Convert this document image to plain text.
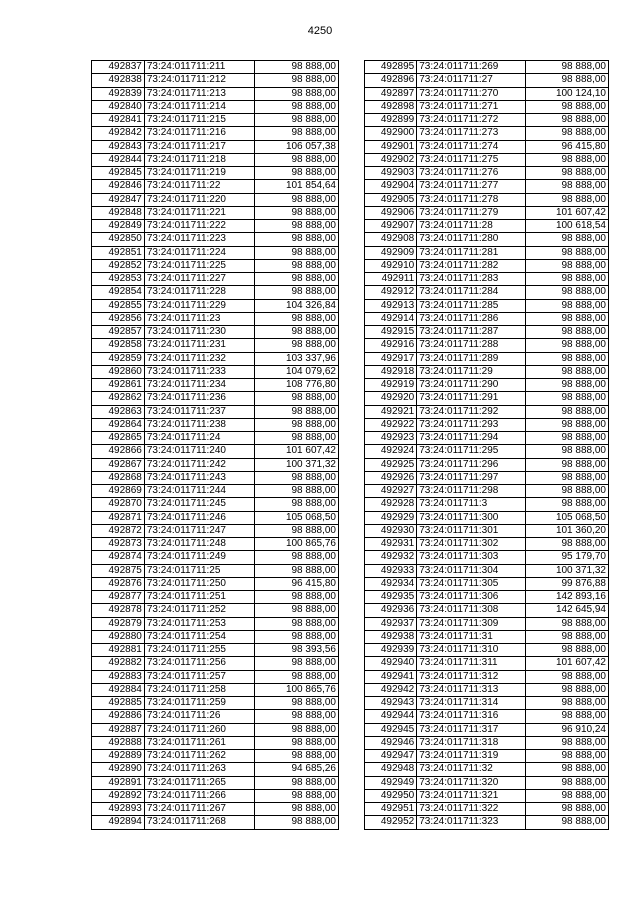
4250
492837	73:24:011711:211	98 888,00
492838	73:24:011711:212	98 888,00
492839	73:24:011711:213	98 888,00
492840	73:24:011711:214	98 888,00
492841	73:24:011711:215	98 888,00
492842	73:24:011711:216	98 888,00
492843	73:24:011711:217	106 057,38
492844	73:24:011711:218	98 888,00
492845	73:24:011711:219	98 888,00
492846	73:24:011711:22	101 854,64
492847	73:24:011711:220	98 888,00
492848	73:24:011711:221	98 888,00
492849	73:24:011711:222	98 888,00
492850	73:24:011711:223	98 888,00
492851	73:24:011711:224	98 888,00
492852	73:24:011711:225	98 888,00
492853	73:24:011711:227	98 888,00
492854	73:24:011711:228	98 888,00
492855	73:24:011711:229	104 326,84
492856	73:24:011711:23	98 888,00
492857	73:24:011711:230	98 888,00
492858	73:24:011711:231	98 888,00
492859	73:24:011711:232	103 337,96
492860	73:24:011711:233	104 079,62
492861	73:24:011711:234	108 776,80
492862	73:24:011711:236	98 888,00
492863	73:24:011711:237	98 888,00
492864	73:24:011711:238	98 888,00
492865	73:24:011711:24	98 888,00
492866	73:24:011711:240	101 607,42
492867	73:24:011711:242	100 371,32
492868	73:24:011711:243	98 888,00
492869	73:24:011711:244	98 888,00
492870	73:24:011711:245	98 888,00
492871	73:24:011711:246	105 068,50
492872	73:24:011711:247	98 888,00
492873	73:24:011711:248	100 865,76
492874	73:24:011711:249	98 888,00
492875	73:24:011711:25	98 888,00
492876	73:24:011711:250	96 415,80
492877	73:24:011711:251	98 888,00
492878	73:24:011711:252	98 888,00
492879	73:24:011711:253	98 888,00
492880	73:24:011711:254	98 888,00
492881	73:24:011711:255	98 393,56
492882	73:24:011711:256	98 888,00
492883	73:24:011711:257	98 888,00
492884	73:24:011711:258	100 865,76
492885	73:24:011711:259	98 888,00
492886	73:24:011711:26	98 888,00
492887	73:24:011711:260	98 888,00
492888	73:24:011711:261	98 888,00
492889	73:24:011711:262	98 888,00
492890	73:24:011711:263	94 685,26
492891	73:24:011711:265	98 888,00
492892	73:24:011711:266	98 888,00
492893	73:24:011711:267	98 888,00
492894	73:24:011711:268	98 888,00
492895	73:24:011711:269	98 888,00
492896	73:24:011711:27	98 888,00
492897	73:24:011711:270	100 124,10
492898	73:24:011711:271	98 888,00
492899	73:24:011711:272	98 888,00
492900	73:24:011711:273	98 888,00
492901	73:24:011711:274	96 415,80
492902	73:24:011711:275	98 888,00
492903	73:24:011711:276	98 888,00
492904	73:24:011711:277	98 888,00
492905	73:24:011711:278	98 888,00
492906	73:24:011711:279	101 607,42
492907	73:24:011711:28	100 618,54
492908	73:24:011711:280	98 888,00
492909	73:24:011711:281	98 888,00
492910	73:24:011711:282	98 888,00
492911	73:24:011711:283	98 888,00
492912	73:24:011711:284	98 888,00
492913	73:24:011711:285	98 888,00
492914	73:24:011711:286	98 888,00
492915	73:24:011711:287	98 888,00
492916	73:24:011711:288	98 888,00
492917	73:24:011711:289	98 888,00
492918	73:24:011711:29	98 888,00
492919	73:24:011711:290	98 888,00
492920	73:24:011711:291	98 888,00
492921	73:24:011711:292	98 888,00
492922	73:24:011711:293	98 888,00
492923	73:24:011711:294	98 888,00
492924	73:24:011711:295	98 888,00
492925	73:24:011711:296	98 888,00
492926	73:24:011711:297	98 888,00
492927	73:24:011711:298	98 888,00
492928	73:24:011711:3	98 888,00
492929	73:24:011711:300	105 068,50
492930	73:24:011711:301	101 360,20
492931	73:24:011711:302	98 888,00
492932	73:24:011711:303	95 179,70
492933	73:24:011711:304	100 371,32
492934	73:24:011711:305	99 876,88
492935	73:24:011711:306	142 893,16
492936	73:24:011711:308	142 645,94
492937	73:24:011711:309	98 888,00
492938	73:24:011711:31	98 888,00
492939	73:24:011711:310	98 888,00
492940	73:24:011711:311	101 607,42
492941	73:24:011711:312	98 888,00
492942	73:24:011711:313	98 888,00
492943	73:24:011711:314	98 888,00
492944	73:24:011711:316	98 888,00
492945	73:24:011711:317	96 910,24
492946	73:24:011711:318	98 888,00
492947	73:24:011711:319	98 888,00
492948	73:24:011711:32	98 888,00
492949	73:24:011711:320	98 888,00
492950	73:24:011711:321	98 888,00
492951	73:24:011711:322	98 888,00
492952	73:24:011711:323	98 888,00
